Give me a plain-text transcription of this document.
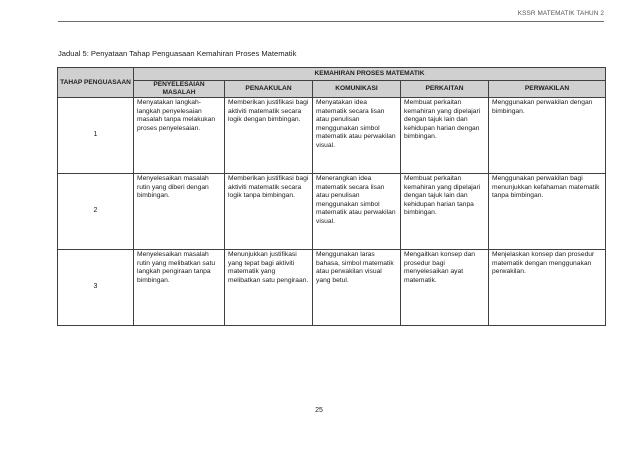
KSSR MATEMATIK TAHUN 2
Jadual 5: Penyataan Tahap Penguasaan Kemahiran Proses Matematik
TAHAP PENGUASAAN	KEMAHIRAN PROSES MATEMATIK				
	PENYELESAIAN MASALAH	PENAAKULAN	KOMUNIKASI	PERKAITAN	PERWAKILAN
1	Menyatakan langkah-langkah penyelesaian masalah tanpa melakukan proses penyelesaian.	Memberikan justifikasi bagi aktiviti matematik secara logik dengan bimbingan.	Menyatakan idea matematik secara lisan atau penulisan menggunakan simbol matematik atau perwakilan visual.	Membuat perkaitan kemahiran yang dipelajari dengan tajuk lain dan kehidupan harian dengan bimbingan.	Menggunakan perwakilan dengan bimbingan.
2	Menyelesaikan masalah rutin yang diberi dengan bimbingan.	Memberikan justifikasi bagi aktiviti matematik secara logik tanpa bimbingan.	Menerangkan idea matematik secara lisan atau penulisan menggunakan simbol matematik atau perwakilan visual.	Membuat perkaitan kemahiran yang dipelajari dengan tajuk lain dan kehidupan harian tanpa bimbingan.	Menggunakan perwakilan bagi menunjukkan kefahaman matematik tanpa bimbingan.
3	Menyelesaikan masalah rutin yang melibatkan satu langkah pengiraan tanpa bimbingan.	Menunjukkan justifikasi yang tepat bagi aktiviti matematik yang melibatkan satu pengiraan.	Menggunakan laras bahasa, simbol matematik atau perwakilan visual yang betul.	Mengaitkan konsep dan prosedur bagi menyelesaikan ayat matematik.	Menjelaskan konsep dan prosedur matematik dengan menggunakan perwakilan.
25
